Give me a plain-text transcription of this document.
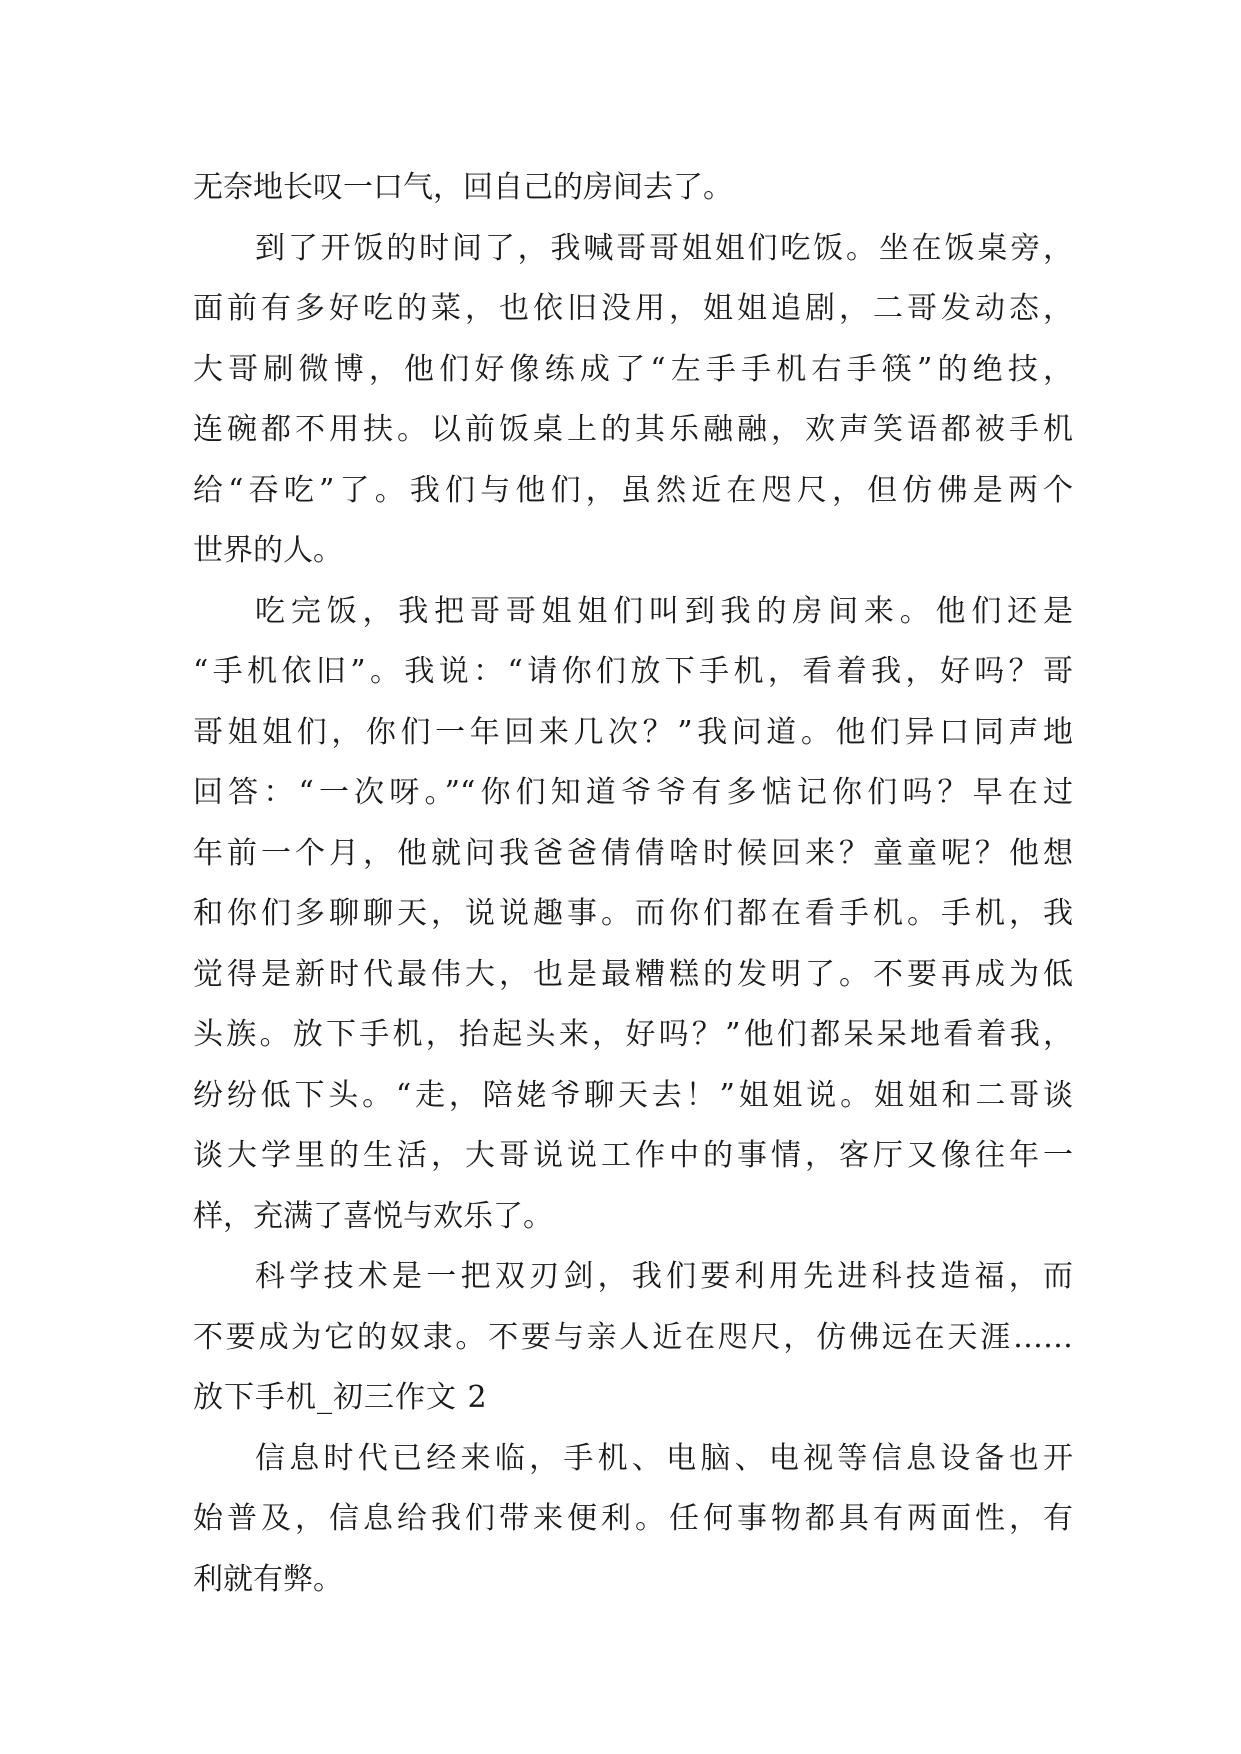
无奈地长叹一口气，回自己的房间去了。
到了开饭的时间了，我喊哥哥姐姐们吃饭。坐在饭桌旁，
面前有多好吃的菜，也依旧没用，姐姐追剧，二哥发动态，
大哥刷微博，他们好像练成了“左手手机右手筷”的绝技，
连碗都不用扶。以前饭桌上的其乐融融，欢声笑语都被手机
给“吞吃”了。我们与他们，虽然近在咫尺，但仿佛是两个
世界的人。
吃完饭，我把哥哥姐姐们叫到我的房间来。他们还是
“手机依旧”。我说：“请你们放下手机，看着我，好吗？哥
哥姐姐们，你们一年回来几次？”我问道。他们异口同声地
回答：“一次呀。”“你们知道爷爷有多惦记你们吗？早在过
年前一个月，他就问我爸爸倩倩啥时候回来？童童呢？他想
和你们多聊聊天，说说趣事。而你们都在看手机。手机，我
觉得是新时代最伟大，也是最糟糕的发明了。不要再成为低
头族。放下手机，抬起头来，好吗？”他们都呆呆地看着我，
纷纷低下头。“走，陪姥爷聊天去！”姐姐说。姐姐和二哥谈
谈大学里的生活，大哥说说工作中的事情，客厅又像往年一
样，充满了喜悦与欢乐了。
科学技术是一把双刃剑，我们要利用先进科技造福，而
不要成为它的奴隶。不要与亲人近在咫尺，仿佛远在天涯……
放下手机_初三作文 2
信息时代已经来临，手机、电脑、电视等信息设备也开
始普及，信息给我们带来便利。任何事物都具有两面性，有
利就有弊。
